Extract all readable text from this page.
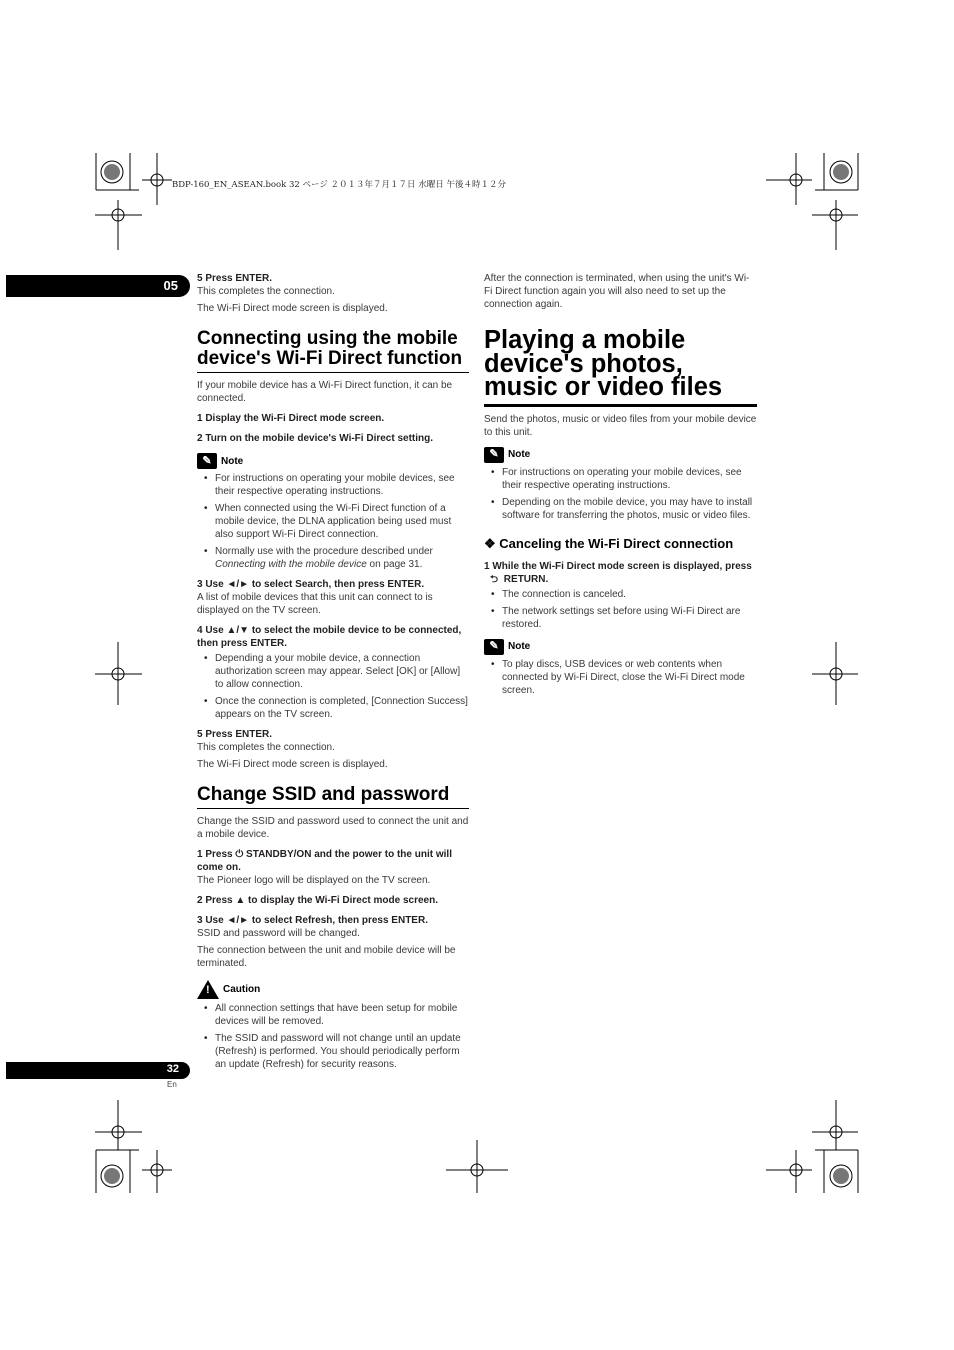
BDP-160_EN_ASEAN.book 32 ページ ２０１３年７月１７日 水曜日 午後４時１２分
05 5 Press ENTER.

This completes the connection.

The Wi-Fi Direct mode screen is displayed.

Connecting using the mobile device's Wi-Fi Direct function

If your mobile device has a Wi-Fi Direct function, it can be connected.

1 Display the Wi-Fi Direct mode screen.
2 Turn on the mobile device's Wi-Fi Direct setting.
✎ Note
• For instructions on operating your mobile devices, see their respective operating instructions.
• When connected using the Wi-Fi Direct function of a mobile device, the DLNA application being used must also support Wi-Fi Direct connection.
• Normally use with the procedure described under Connecting with the mobile device on page 31.
3 Use ◄/► to select Search, then press ENTER.

A list of mobile devices that this unit can connect to is displayed on the TV screen.

4 Use ▲/▼ to select the mobile device to be connected, then press ENTER.
• Depending a your mobile device, a connection authorization screen may appear. Select [OK] or [Allow] to allow connection.
• Once the connection is completed, [Connection Success] appears on the TV screen.
5 Press ENTER.

This completes the connection.

The Wi-Fi Direct mode screen is displayed.

Change SSID and password

Change the SSID and password used to connect the unit and a mobile device.

1 Press ⏻ STANDBY/ON and the power to the unit will come on.

The Pioneer logo will be displayed on the TV screen.

2 Press ▲ to display the Wi-Fi Direct mode screen.
3 Use ◄/► to select Refresh, then press ENTER.

SSID and password will be changed.

The connection between the unit and mobile device will be terminated.

! Caution
• All connection settings that have been setup for mobile devices will be removed.
• The SSID and password will not change until an update (Refresh) is performed. You should periodically perform an update (Refresh) for security reasons.

After the connection is terminated, when using the unit's Wi-Fi Direct function again you will also need to set up the connection again.

Playing a mobile device's photos, music or video files

Send the photos, music or video files from your mobile device to this unit.

✎ Note
• For instructions on operating your mobile devices, see their respective operating instructions.
• Depending on the mobile device, you may have to install software for transferring the photos, music or video files.
❖ Canceling the Wi-Fi Direct connection
1 While the Wi-Fi Direct mode screen is displayed, press ⮌ RETURN.
• The connection is canceled.
• The network settings set before using Wi-Fi Direct are restored.
✎ Note
• To play discs, USB devices or web contents when connected by Wi-Fi Direct, close the Wi-Fi Direct mode screen.
32
En
